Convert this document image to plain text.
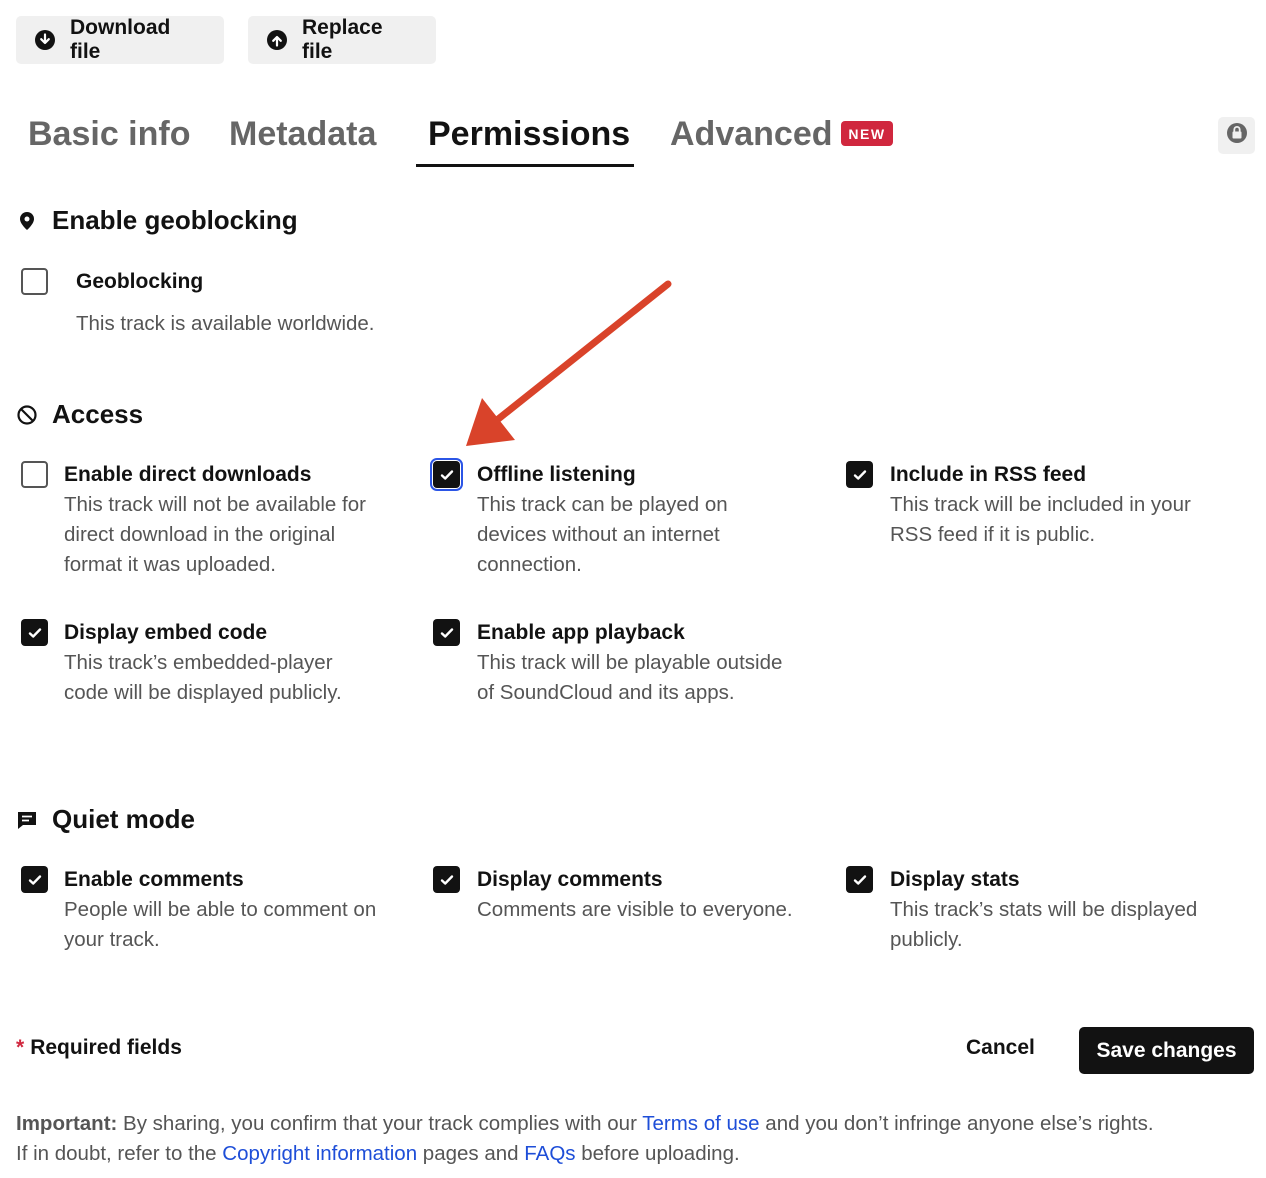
Download file
Replace file
Basic info Metadata Permissions Advanced	NEW
Enable geoblocking
Geoblocking
This track is available worldwide.
Access
Enable direct downloads
This track will not be available for
direct download in the original
format it was uploaded.
Offline listening
This track can be played on
devices without an internet
connection.
Include in RSS feed
This track will be included in your
RSS feed if it is public.
Display embed code
This track’s embedded-player
code will be displayed publicly.
Enable app playback
This track will be playable outside
of SoundCloud and its apps.
Quiet mode
Enable comments
People will be able to comment on
your track.
Display comments
Comments are visible to everyone.
Display stats
This track’s stats will be displayed
publicly.
* Required fields	Cancel	Save changes
Important: By sharing, you confirm that your track complies with our Terms of use and you don’t infringe anyone else’s rights.
If in doubt, refer to the Copyright information pages and FAQs before uploading.
